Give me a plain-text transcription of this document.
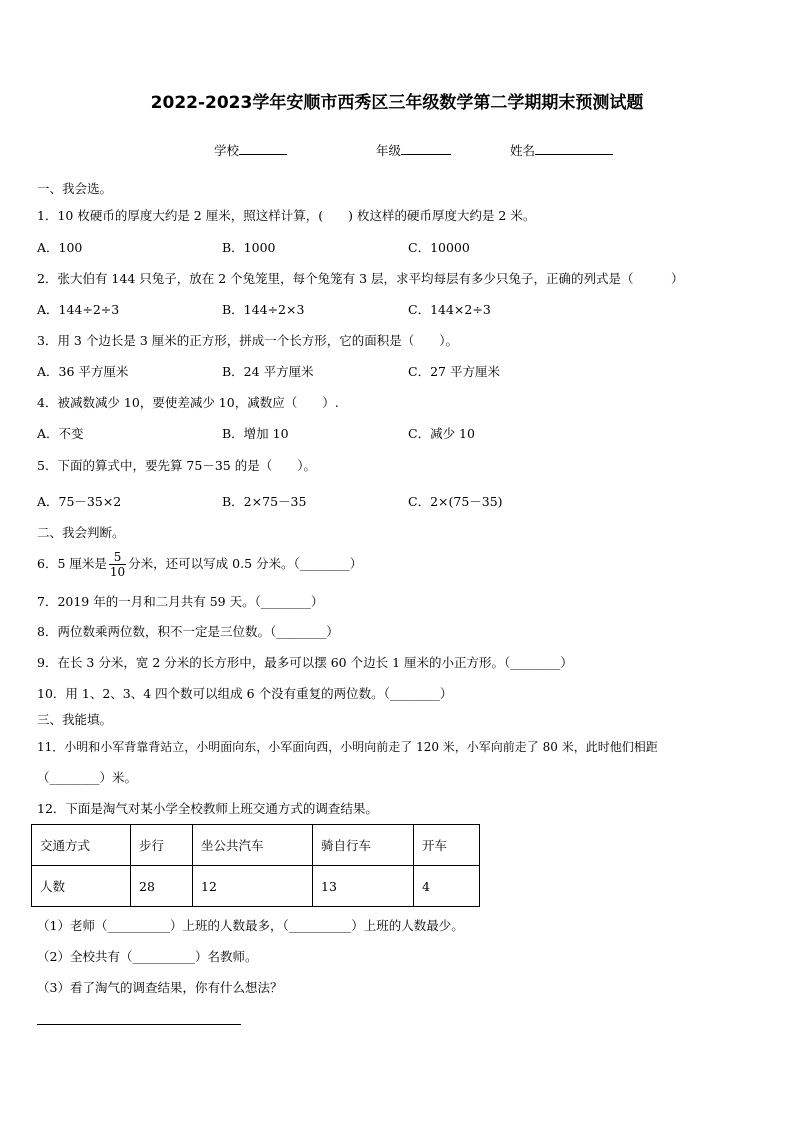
2022-2023学年安顺市西秀区三年级数学第二学期期末预测试题
学校	年级	姓名
一、我会选。
1．10 枚硬币的厚度大约是 2 厘米，照这样计算，(　　) 枚这样的硬币厚度大约是 2 米。
A．100	B．1000	C．10000
2．张大伯有 144 只兔子，放在 2 个兔笼里，每个兔笼有 3 层，求平均每层有多少只兔子，正确的列式是（　　　）
A．144÷2÷3	B．144÷2×3	C．144×2÷3
3．用 3 个边长是 3 厘米的正方形，拼成一个长方形，它的面积是（　　）。
A．36 平方厘米	B．24 平方厘米	C．27 平方厘米
4．被减数减少 10，要使差减少 10，减数应（　　）.
A．不变	B．增加 10	C．减少 10
5．下面的算式中，要先算 75－35 的是（　　）。
A．75－35×2	B．2×75－35	C．2×(75－35)
二、我会判断。
6．5 厘米是 $\frac{5}{10}$ 分米，还可以写成 0.5 分米。（________）
7．2019 年的一月和二月共有 59 天。（________）
8．两位数乘两位数，积不一定是三位数。（________）
9．在长 3 分米，宽 2 分米的长方形中，最多可以摆 60 个边长 1 厘米的小正方形。（________）
10．用 1、2、3、4 四个数可以组成 6 个没有重复的两位数。（________）
三、我能填。
11．小明和小军背靠背站立，小明面向东，小军面向西，小明向前走了 120 米，小军向前走了 80 米，此时他们相距
（________）米。
12．下面是淘气对某小学全校教师上班交通方式的调查结果。
交通方式	步行	坐公共汽车	骑自行车	开车
人数	28	12	13	4
（1）老师（__________）上班的人数最多，（__________）上班的人数最少。
（2）全校共有（__________）名教师。
（3）看了淘气的调查结果，你有什么想法？
